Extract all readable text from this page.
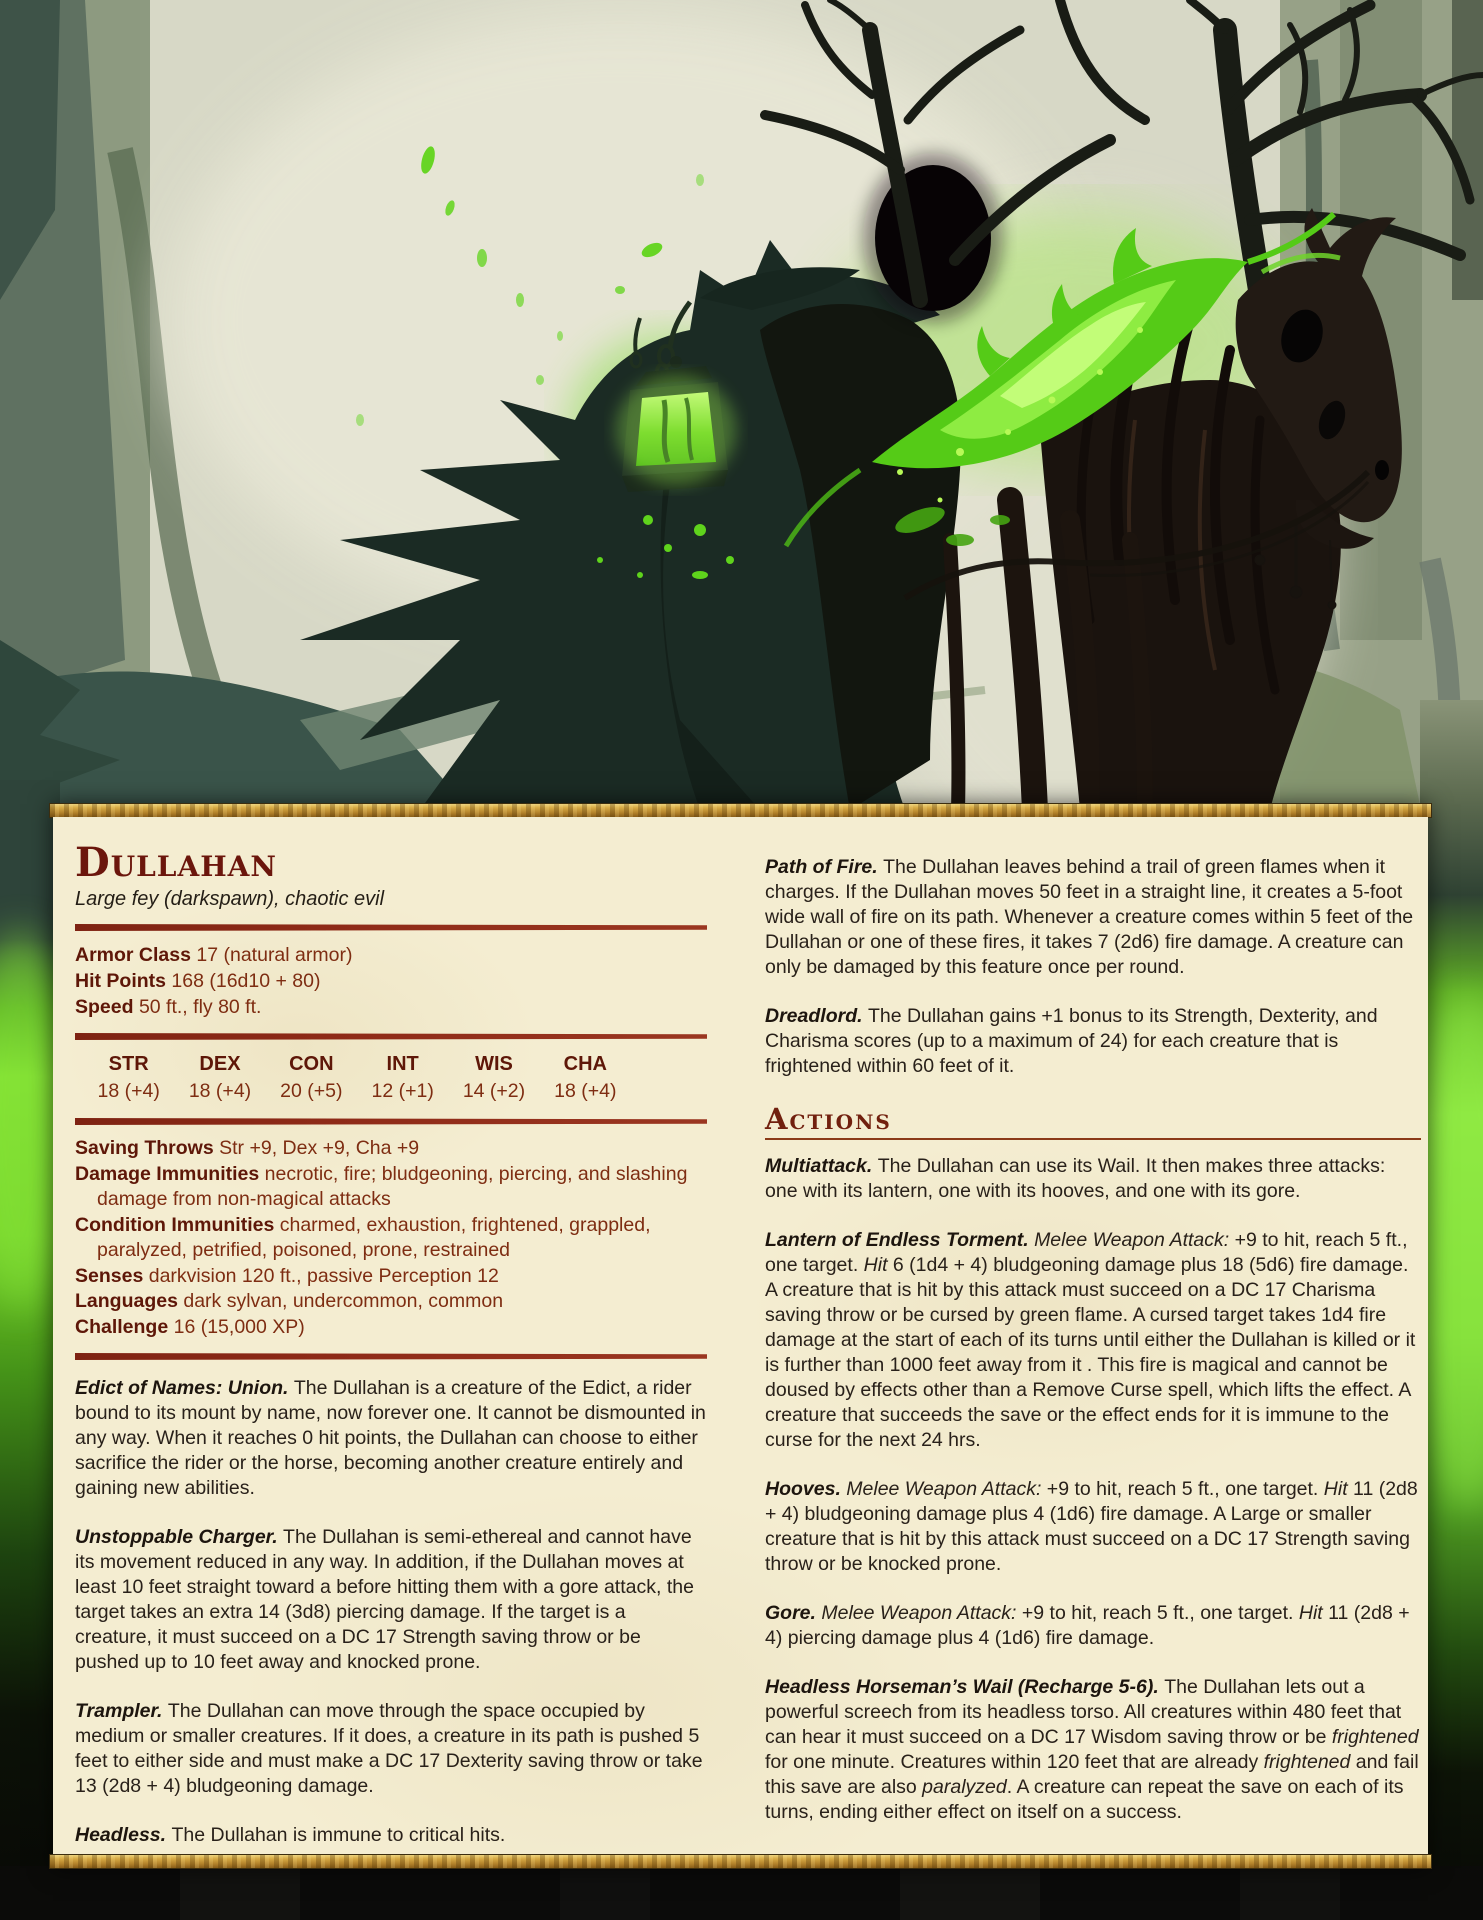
Dullahan
Large fey (darkspawn), chaotic evil
Armor Class 17 (natural armor)
Hit Points 168 (16d10 + 80)
Speed 50 ft., fly 80 ft.
STR
18 (+4)
DEX
18 (+4)
CON
20 (+5)
INT
12 (+1)
WIS
14 (+2)
CHA
18 (+4)
Saving Throws Str +9, Dex +9, Cha +9
Damage Immunities necrotic, fire; bludgeoning, piercing, and slashing damage from non-magical attacks
Condition Immunities charmed, exhaustion, frightened, grappled, paralyzed, petrified, poisoned, prone, restrained
Senses darkvision 120 ft., passive Perception 12
Languages dark sylvan, undercommon, common
Challenge 16 (15,000 XP)

Edict of Names: Union. The Dullahan is a creature of the Edict, a rider bound to its mount by name, now forever one. It cannot be dismounted in any way. When it reaches 0 hit points, the Dullahan can choose to either sacrifice the rider or the horse, becoming another creature entirely and gaining new abilities.

Unstoppable Charger. The Dullahan is semi-ethereal and cannot have its movement reduced in any way. In addition, if the Dullahan moves at least 10 feet straight toward a before hitting them with a gore attack, the target takes an extra 14 (3d8) piercing damage. If the target is a creature, it must succeed on a DC 17 Strength saving throw or be pushed up to 10 feet away and knocked prone.

Trampler. The Dullahan can move through the space occupied by medium or smaller creatures. If it does, a creature in its path is pushed 5 feet to either side and must make a DC 17 Dexterity saving throw or take 13 (2d8 + 4) bludgeoning damage.

Headless. The Dullahan is immune to critical hits.

Path of Fire. The Dullahan leaves behind a trail of green flames when it charges. If the Dullahan moves 50 feet in a straight line, it creates a 5-foot wide wall of fire on its path. Whenever a creature comes within 5 feet of the Dullahan or one of these fires, it takes 7 (2d6) fire damage. A creature can only be damaged by this feature once per round.

Dreadlord. The Dullahan gains +1 bonus to its Strength, Dexterity, and Charisma scores (up to a maximum of 24) for each creature that is frightened within 60 feet of it.

Actions

Multiattack. The Dullahan can use its Wail. It then makes three attacks: one with its lantern, one with its hooves, and one with its gore.

Lantern of Endless Torment. Melee Weapon Attack: +9 to hit, reach 5 ft., one target. Hit 6 (1d4 + 4) bludgeoning damage plus 18 (5d6) fire damage. A creature that is hit by this attack must succeed on a DC 17 Charisma saving throw or be cursed by green flame. A cursed target takes 1d4 fire damage at the start of each of its turns until either the Dullahan is killed or it is further than 1000 feet away from it . This fire is magical and cannot be doused by effects other than a Remove Curse spell, which lifts the effect. A creature that succeeds the save or the effect ends for it is immune to the curse for the next 24 hrs.

Hooves. Melee Weapon Attack: +9 to hit, reach 5 ft., one target. Hit 11 (2d8 + 4) bludgeoning damage plus 4 (1d6) fire damage. A Large or smaller creature that is hit by this attack must succeed on a DC 17 Strength saving throw or be knocked prone.

Gore. Melee Weapon Attack: +9 to hit, reach 5 ft., one target. Hit 11 (2d8 + 4) piercing damage plus 4 (1d6) fire damage.

Headless Horseman’s Wail (Recharge 5-6). The Dullahan lets out a powerful screech from its headless torso. All creatures within 480 feet that can hear it must succeed on a DC 17 Wisdom saving throw or be frightened for one minute. Creatures within 120 feet that are already frightened and fail this save are also paralyzed. A creature can repeat the save on each of its turns, ending either effect on itself on a success.
